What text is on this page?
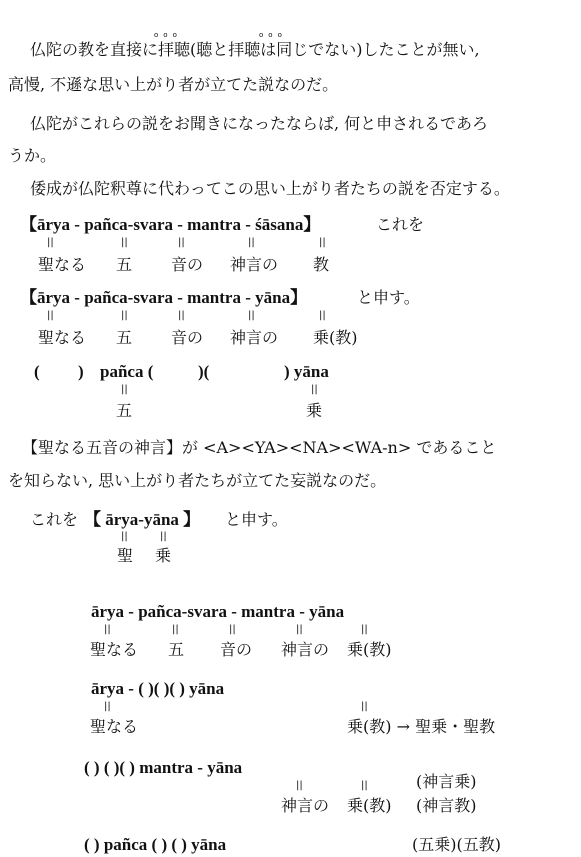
ooo	ooo
仏陀の教を直接に拝聴(聴と拝聴は同じでない)したことが無い,
高慢, 不遜な思い上がり者が立てた説なのだ。
仏陀がこれらの説をお聞きになったならば, 何と申されるであろ
うか。
倭成が仏陀釈尊に代わってこの思い上がり者たちの説を否定する。
【ārya - pañca-svara - mantra - śāsana】	これを
||	||	||	||	||
聖なる 五 音の 神言の 教
【ārya - pañca-svara - mantra - yāna】	と申す。
||	||	||	||	||
聖なる 五 音の 神言の 乗(教)
( ) pañca (	)(	) yāna
||	||
五	乗
【聖なる五音の神言】が <A><YA><NA><WA-n> であること
を知らない, 思い上がり者たちが立てた妄説なのだ。
これを 【 ārya-yāna 】 と申す。
||	||
聖 乗
ārya - pañca-svara - mantra - yāna
||	||	||	||	||
聖なる 五 音の 神言の 乗(教)
ārya - ( )( )( ) yāna
||	||
聖なる	乗(教) → 聖乗・聖教
( ) ( )( ) mantra - yāna
||	||	(神言乗)
神言の 乗(教) (神言教)
( ) pañca ( ) ( ) yāna	(五乗)(五教)
